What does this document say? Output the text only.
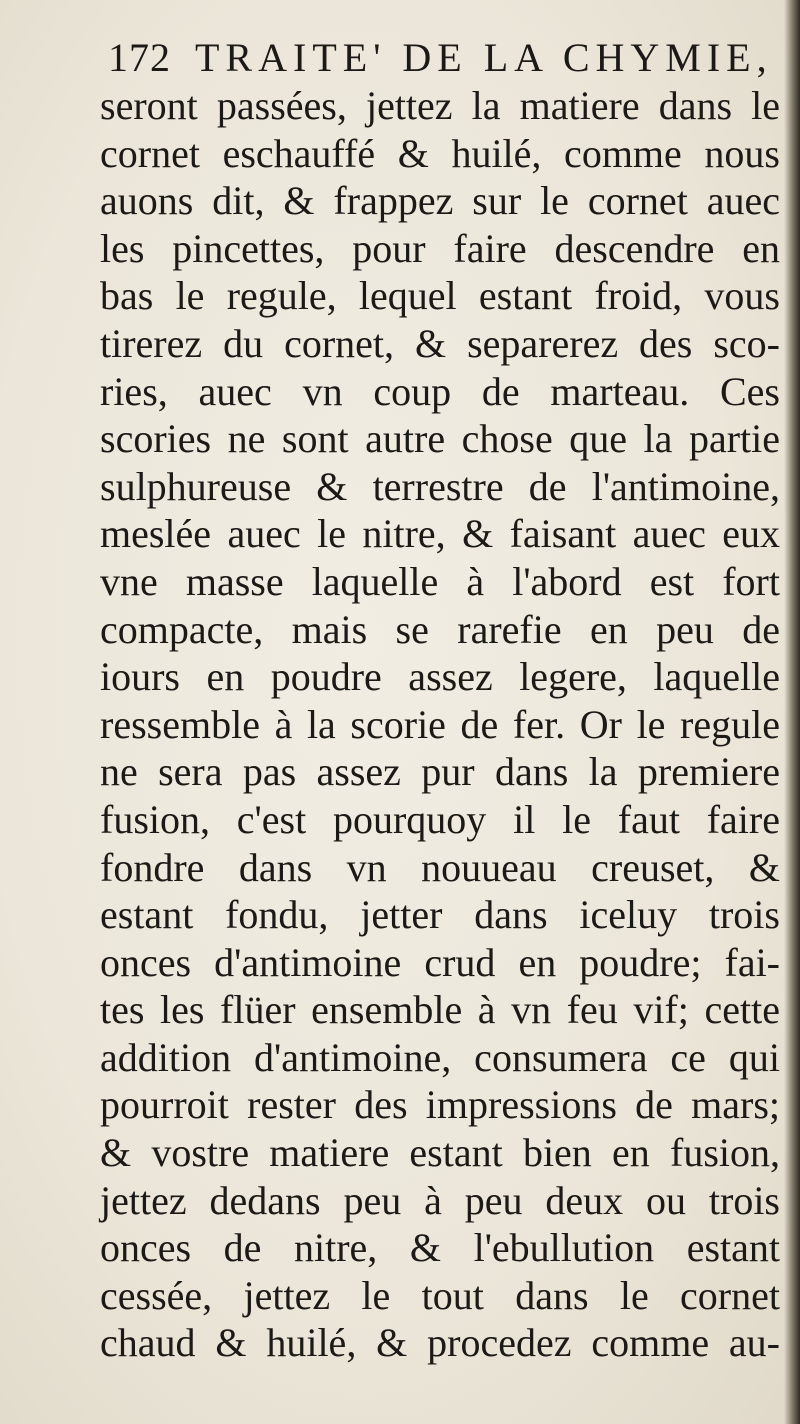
172 TRAITE' DE LA CHYMIE,
seront passées, jettez la matiere dans le
cornet eschauffé & huilé, comme nous
auons dit, & frappez sur le cornet auec
les pincettes, pour faire descendre en
bas le regule, lequel estant froid, vous
tirerez du cornet, & separerez des sco-
ries, auec vn coup de marteau. Ces
scories ne sont autre chose que la partie
sulphureuse & terrestre de l'antimoine,
meslée auec le nitre, & faisant auec eux
vne masse laquelle à l'abord est fort
compacte, mais se rarefie en peu de
iours en poudre assez legere, laquelle
ressemble à la scorie de fer. Or le regule
ne sera pas assez pur dans la premiere
fusion, c'est pourquoy il le faut faire
fondre dans vn nouueau creuset, &
estant fondu, jetter dans iceluy trois
onces d'antimoine crud en poudre; fai-
tes les flüer ensemble à vn feu vif; cette
addition d'antimoine, consumera ce qui
pourroit rester des impressions de mars;
& vostre matiere estant bien en fusion,
jettez dedans peu à peu deux ou trois
onces de nitre, & l'ebullution estant
cessée, jettez le tout dans le cornet
chaud & huilé, & procedez comme au-
